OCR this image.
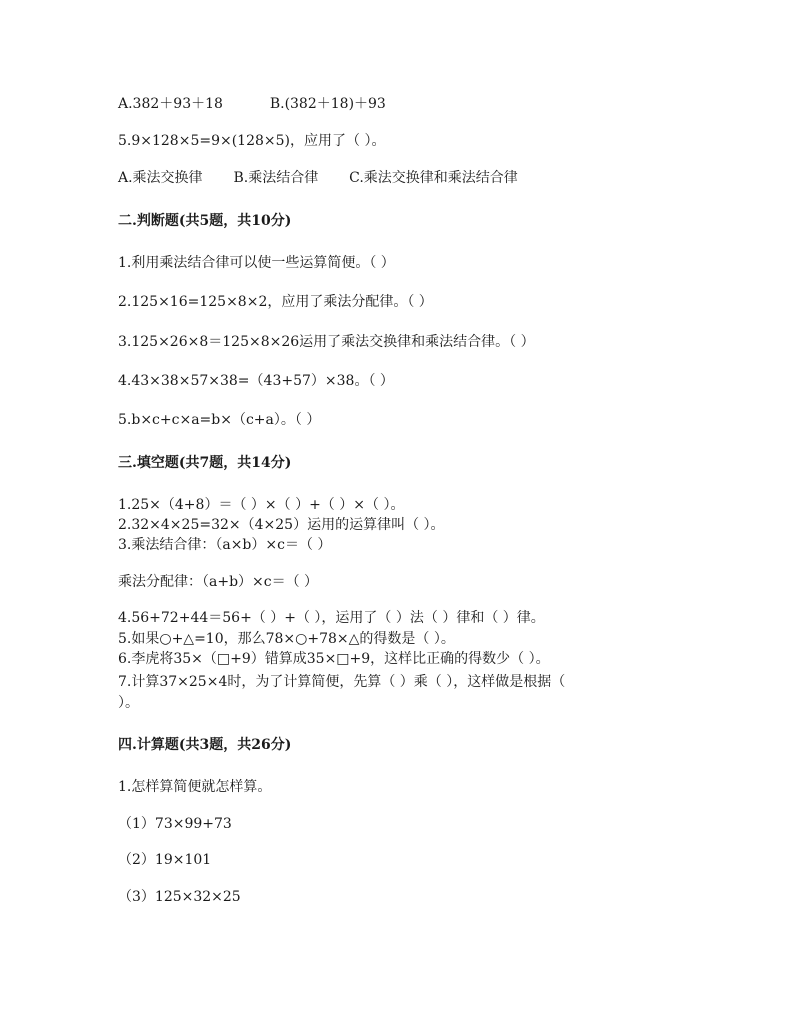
A.382＋93＋18	B.(382＋18)＋93
5.9×128×5=9×(128×5)，应用了（ ）。
A.乘法交换律 B.乘法结合律 C.乘法交换律和乘法结合律
二.判断题(共5题，共10分)
1.利用乘法结合律可以使一些运算简便。（ ）
2.125×16=125×8×2，应用了乘法分配律。（ ）
3.125×26×8＝125×8×26运用了乘法交换律和乘法结合律。（ ）
4.43×38×57×38=（43+57）×38。（ ）
5.b×c+c×a=b×（c+a）。（ ）
三.填空题(共7题，共14分)
1.25×（4+8）＝（ ）×（ ）+（ ）×（ ）。
2.32×4×25=32×（4×25）运用的运算律叫（ ）。
3.乘法结合律：（a×b）×c＝（ ）
乘法分配律：（a+b）×c＝（ ）
4.56+72+44＝56+（ ）+（ ），运用了（ ）法（ ）律和（ ）律。
5.如果○+△=10，那么78×○+78×△的得数是（ ）。
6.李虎将35×（□+9）错算成35×□+9，这样比正确的得数少（ ）。
7.计算37×25×4时，为了计算简便，先算（ ）乘（ ），这样做是根据（
）。
四.计算题(共3题，共26分)
1.怎样算简便就怎样算。
（1）73×99+73
（2）19×101
（3）125×32×25
